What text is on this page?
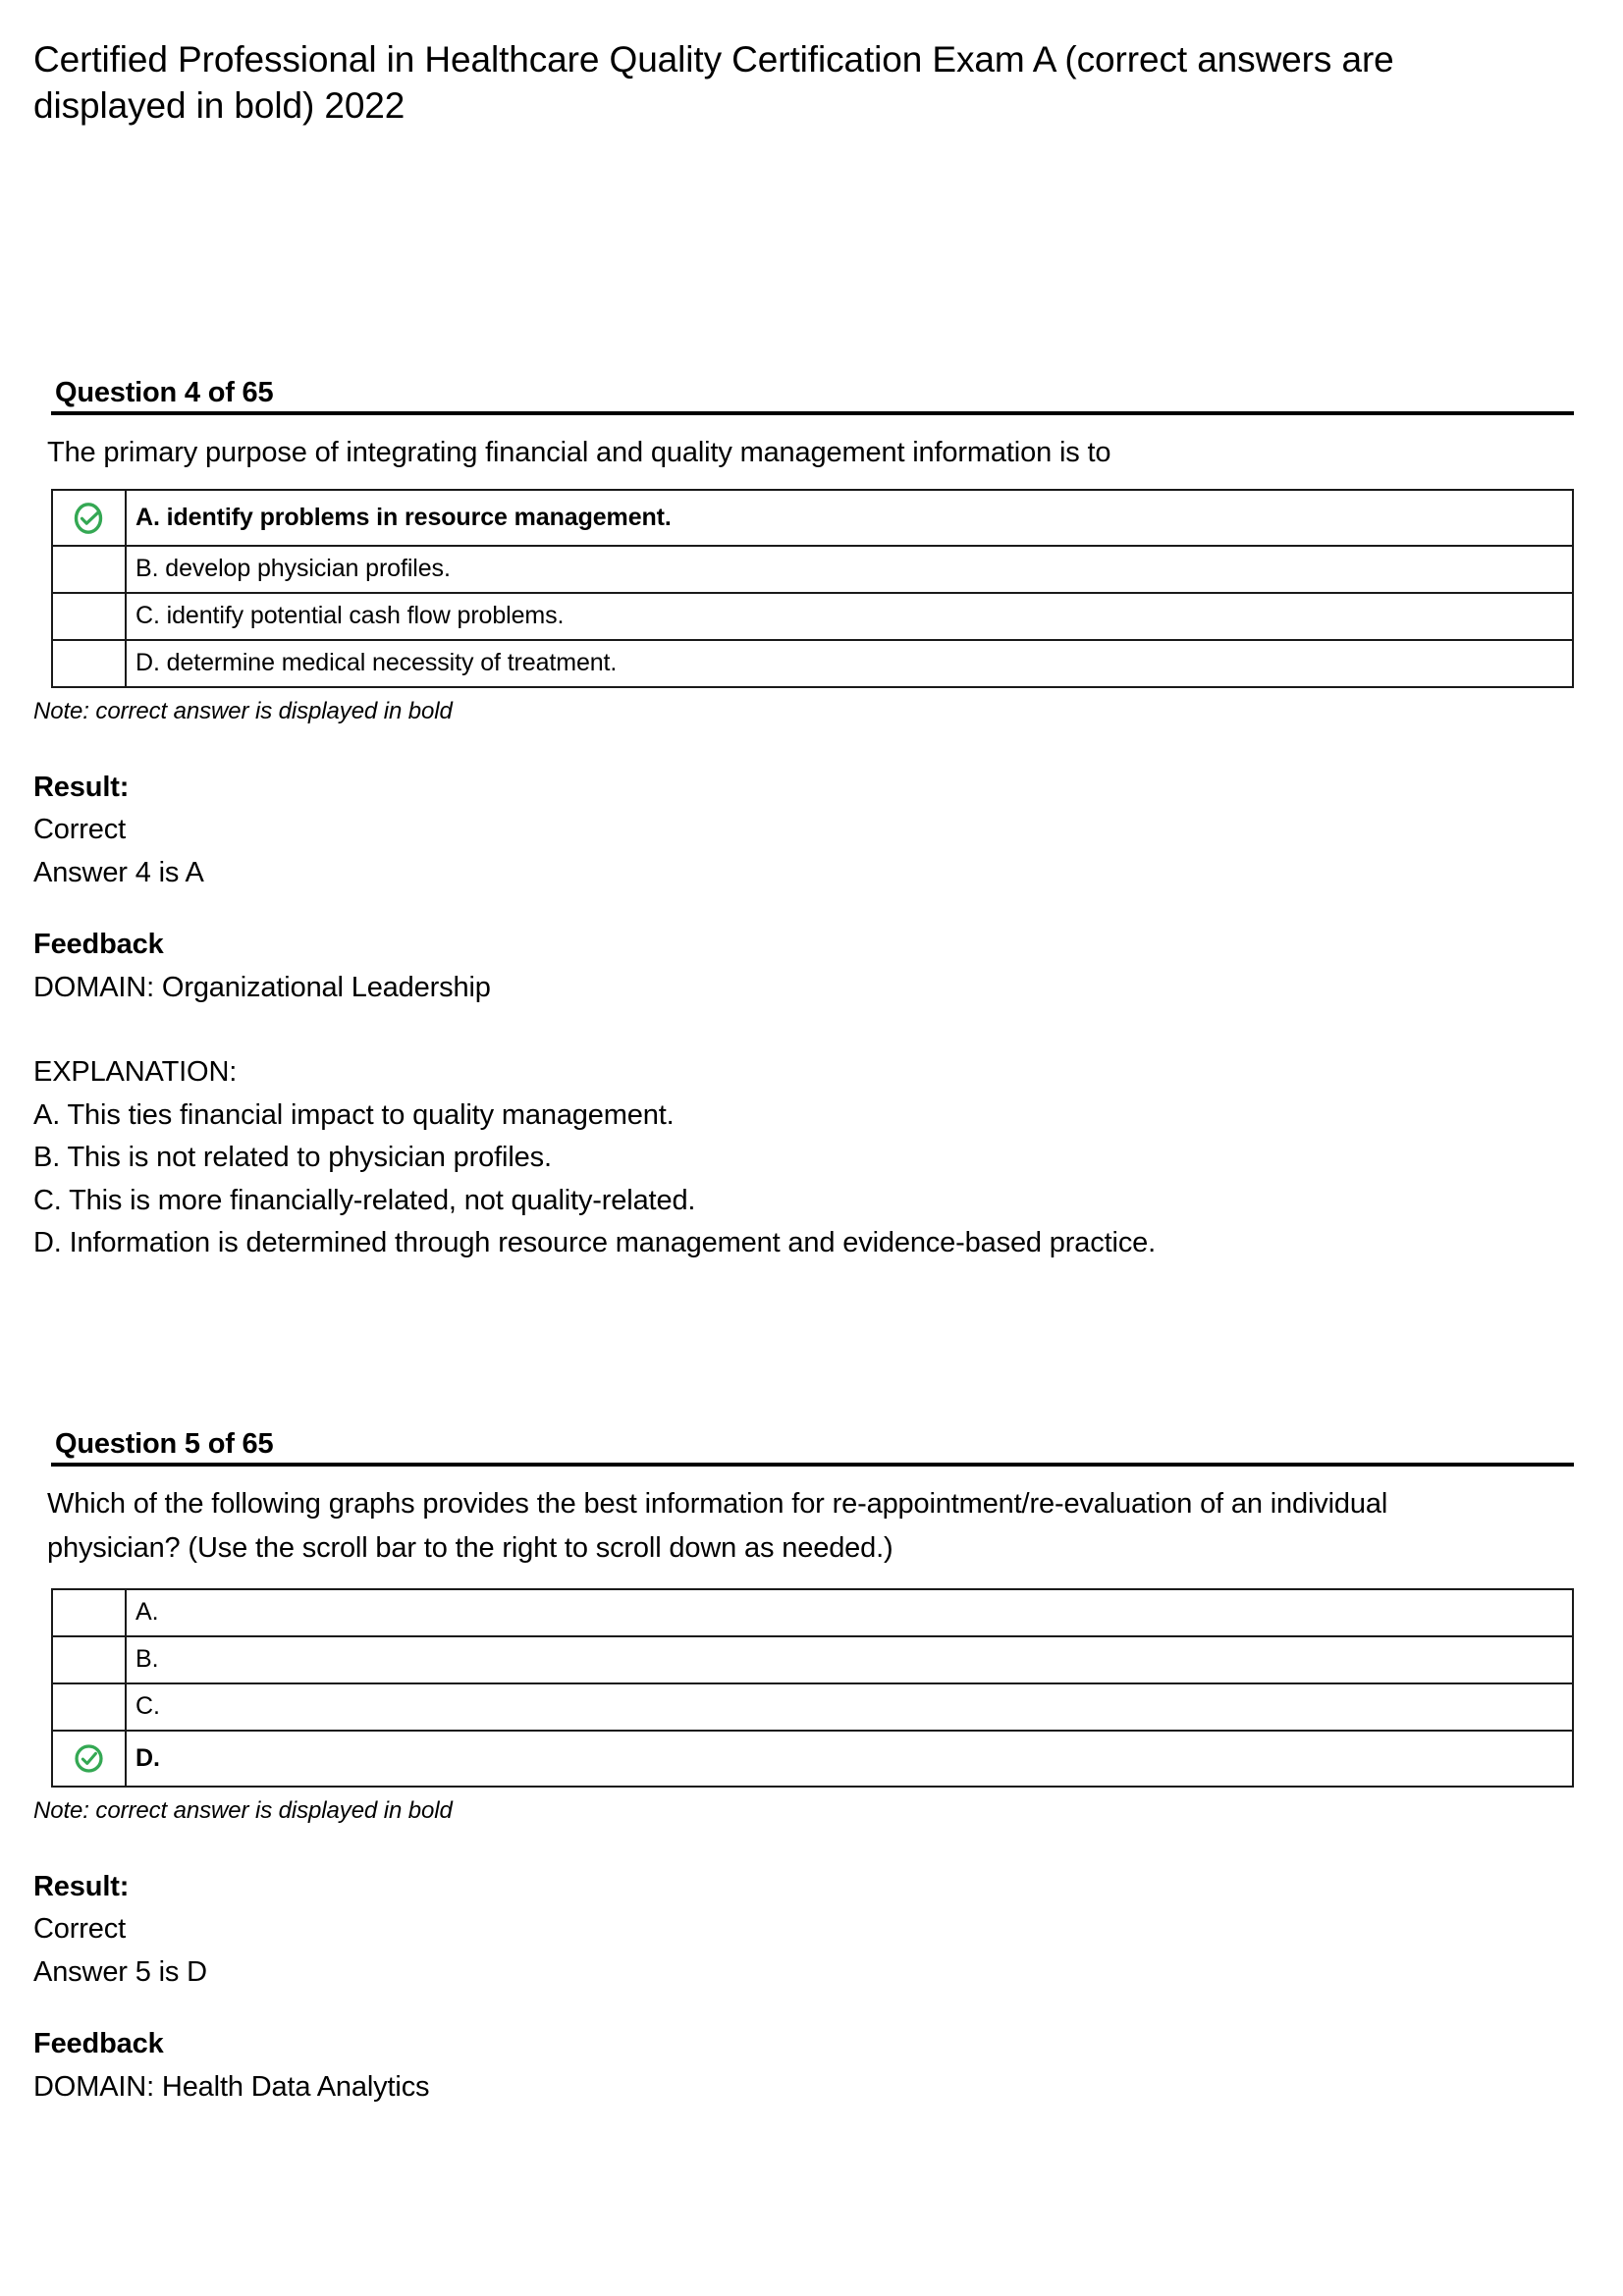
Certified Professional in Healthcare Quality Certification Exam A (correct answers are displayed in bold) 2022
Question 4 of 65
The primary purpose of integrating financial and quality management information is to
	A. identify problems in resource management.
	B. develop physician profiles.
	C. identify potential cash flow problems.
	D. determine medical necessity of treatment.
Note: correct answer is displayed in bold
Result:
Correct
Answer 4 is A
Feedback
DOMAIN: Organizational Leadership
EXPLANATION:
A. This ties financial impact to quality management.
B. This is not related to physician profiles.
C. This is more financially-related, not quality-related.
D. Information is determined through resource management and evidence-based practice.
Question 5 of 65
Which of the following graphs provides the best information for re-appointment/re-evaluation of an individual physician? (Use the scroll bar to the right to scroll down as needed.)
	A.
	B.
	C.
	D.
Note: correct answer is displayed in bold
Result:
Correct
Answer 5 is D
Feedback
DOMAIN: Health Data Analytics
